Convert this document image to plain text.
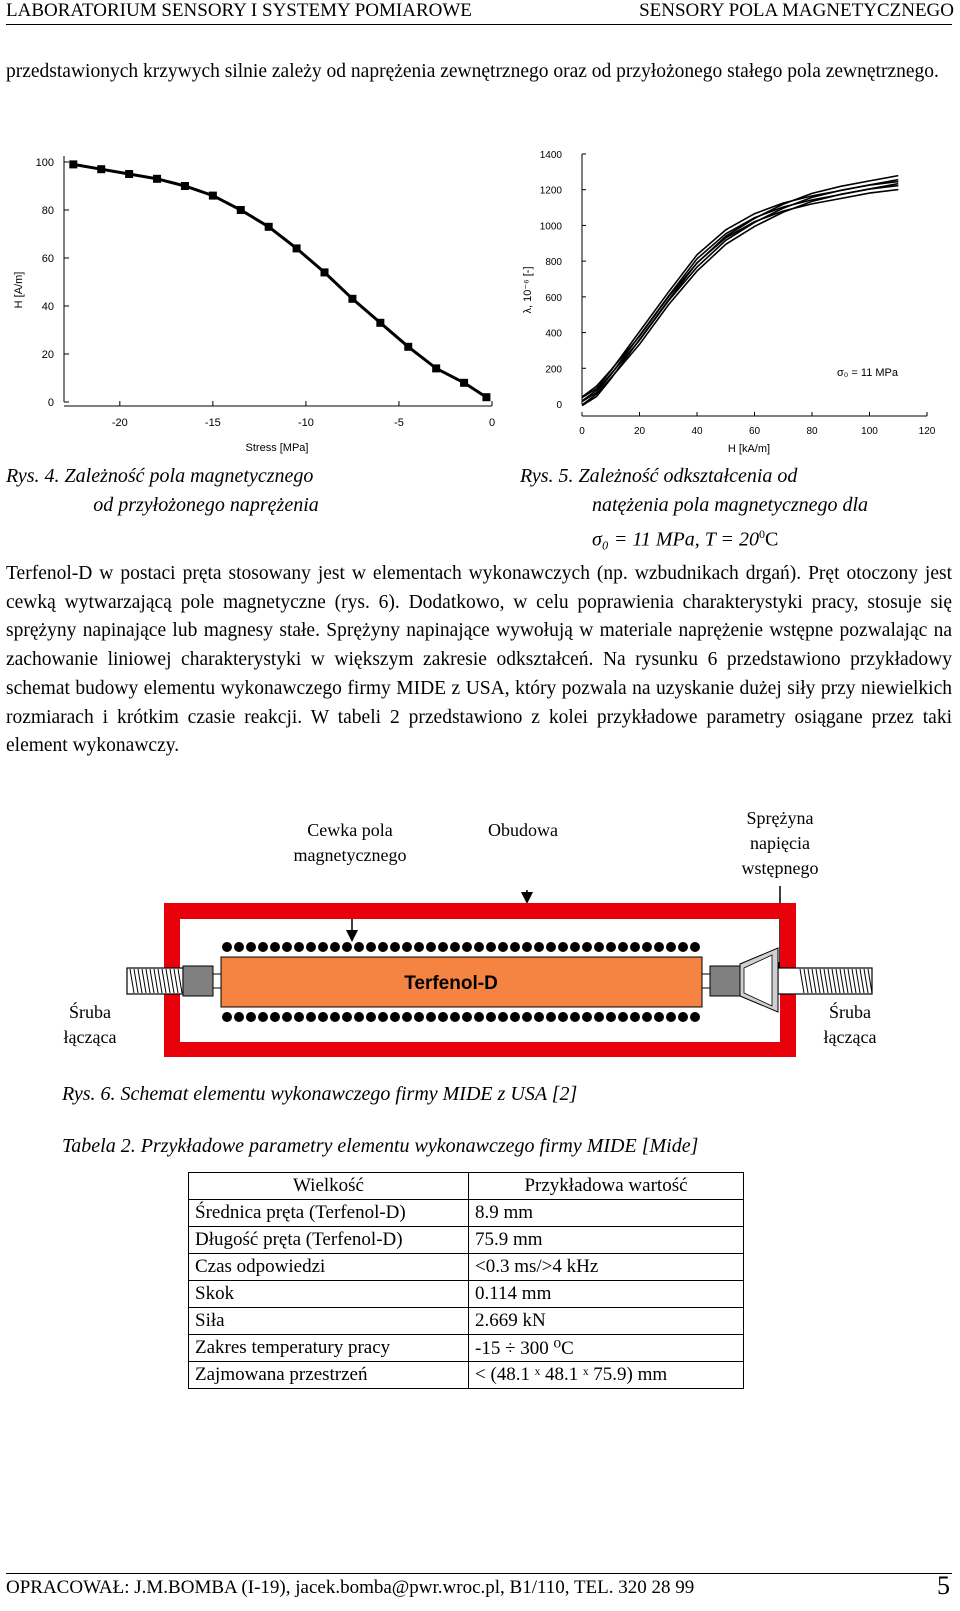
LABORATORIUM SENSORY I SYSTEMY POMIAROWE	SENSORY POLA MAGNETYCZNEGO
przedstawionych krzywych silnie zależy od naprężenia zewnętrznego oraz od przyłożonego stałego pola zewnętrznego.
0
20
40
60
80
100
-20	-15	-10	-5	0
Stress [MPa]
H [A/m]
0
200
400
600
800
1000
1200
1400
0	20	40	60	80	100	120
H [kA/m]
λ, 10⁻⁶ [-]
σ₀ = 11 MPa
Rys. 4. Zależność pola magnetycznego
od przyłożonego naprężenia
Rys. 5. Zależność odkształcenia od
natężenia pola magnetycznego dla
σ₀ = 11 MPa, $T = 20^0C$
Terfenol-D w postaci pręta stosowany jest w elementach wykonawczych (np. wzbudnikach drgań). Pręt otoczony jest cewką wytwarzającą pole magnetyczne (rys. 6). Dodatkowo, w celu poprawienia charakterystyki pracy, stosuje się sprężyny napinające lub magnesy stałe. Sprężyny napinające wywołują w materiale naprężenie wstępne pozwalając na zachowanie liniowej charakterystyki w większym zakresie odkształceń. Na rysunku 6 przedstawiono przykładowy schemat budowy elementu wykonawczego firmy MIDE z USA, który pozwala na uzyskanie dużej siły przy niewielkich rozmiarach i krótkim czasie reakcji. W tabeli 2 przedstawiono z kolei przykładowe parametry osiągane przez taki element wykonawczy.
Cewka pola
magnetycznego
Obudowa
Sprężyna
napięcia
wstępnego
Śruba
łącząca
Śruba
łącząca
Terfenol-D
Rys. 6. Schemat elementu wykonawczego firmy MIDE z USA [2]
Tabela 2. Przykładowe parametry elementu wykonawczego firmy MIDE [Mide]
Wielkość	Przykładowa wartość
Średnica pręta (Terfenol-D)	8.9 mm
Długość pręta (Terfenol-D)	75.9 mm
Czas odpowiedzi	<0.3 ms/>4 kHz
Skok	0.114 mm
Siła	2.669 kN
Zakres temperatury pracy	-15 ÷ 300 ⁰C
Zajmowana przestrzeń	< (48.1 ˣ 48.1 ˣ 75.9) mm
OPRACOWAŁ: J.M.BOMBA (I-19), jacek.bomba@pwr.wroc.pl, B1/110, TEL. 320 28 99	5
